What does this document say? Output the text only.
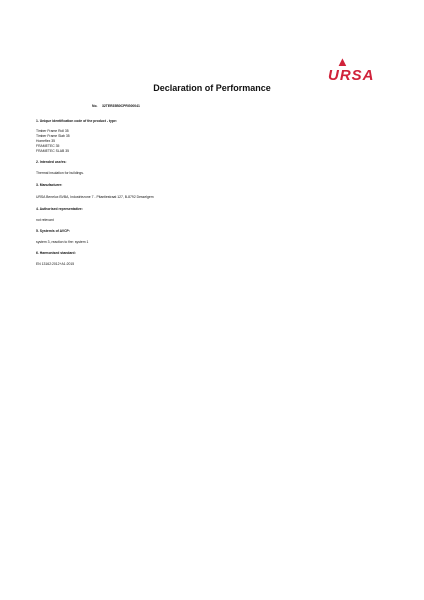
Declaration of Performance
▲
URSA
No. 32TER35B0CPRG00041
1. Unique identification code of the product - type:
Timber Frame Roll 35
Timber Frame Slab 35
Homeflex 35
FRAMETEC 35
FRAMETEC SLAB 35
2. Intended use/es:
Thermal insulation for buildings.
3. Manufacturer:
URSA Benelux BVBA, Industriezone 7 - Pitantiestraat 127, B-8792 Desselgem
4. Authorised representative:
not relevant
5. System/s of AVCP:
system 3, reaction to fire: system 1
6. Harmonised standard:
EN 13162:2012+A1:2015
